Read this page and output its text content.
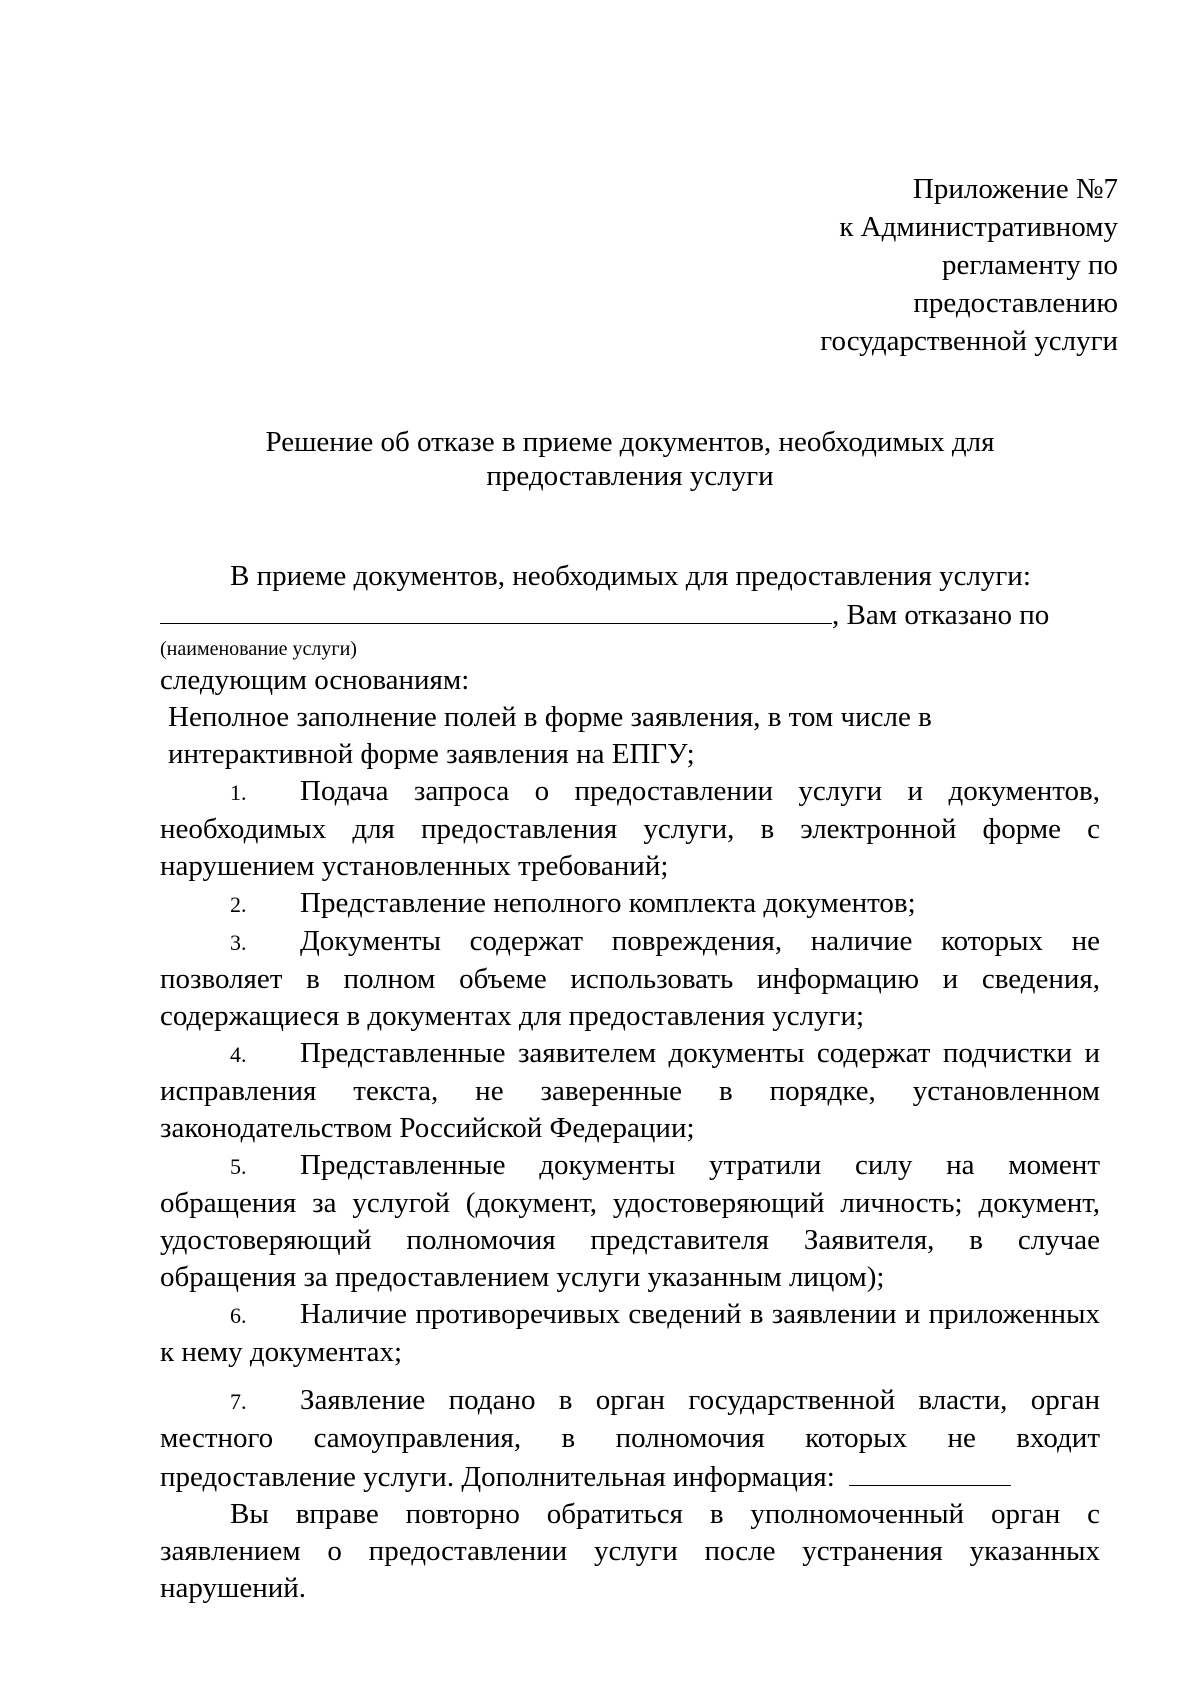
Приложение №7
к Административному
регламенту по
предоставлению
государственной услуги
Решение об отказе в приеме документов, необходимых для
предоставления услуги
В приеме документов, необходимых для предоставления услуги:
, Вам отказано по
(наименование услуги)

следующим основаниям:

Неполное заполнение полей в форме заявления, в том числе в интерактивной форме заявления на ЕПГУ;

1. Подача запроса о предоставлении услуги и документов, необходимых для предоставления услуги, в электронной форме с нарушением установленных требований;

2. Представление неполного комплекта документов;

3. Документы содержат повреждения, наличие которых не позволяет в полном объеме использовать информацию и сведения, содержащиеся в документах для предоставления услуги;

4. Представленные заявителем документы содержат подчистки и исправления текста, не заверенные в порядке, установленном законодательством Российской Федерации;

5. Представленные документы утратили силу на момент обращения за услугой (документ, удостоверяющий личность; документ, удостоверяющий полномочия представителя Заявителя, в случае обращения за предоставлением услуги указанным лицом);

6. Наличие противоречивых сведений в заявлении и приложенных к нему документах;

7. Заявление подано в орган государственной власти, орган местного самоуправления, в полномочия которых не входит предоставление услуги. Дополнительная информация:

Вы вправе повторно обратиться в уполномоченный орган с заявлением о предоставлении услуги после устранения указанных нарушений.
